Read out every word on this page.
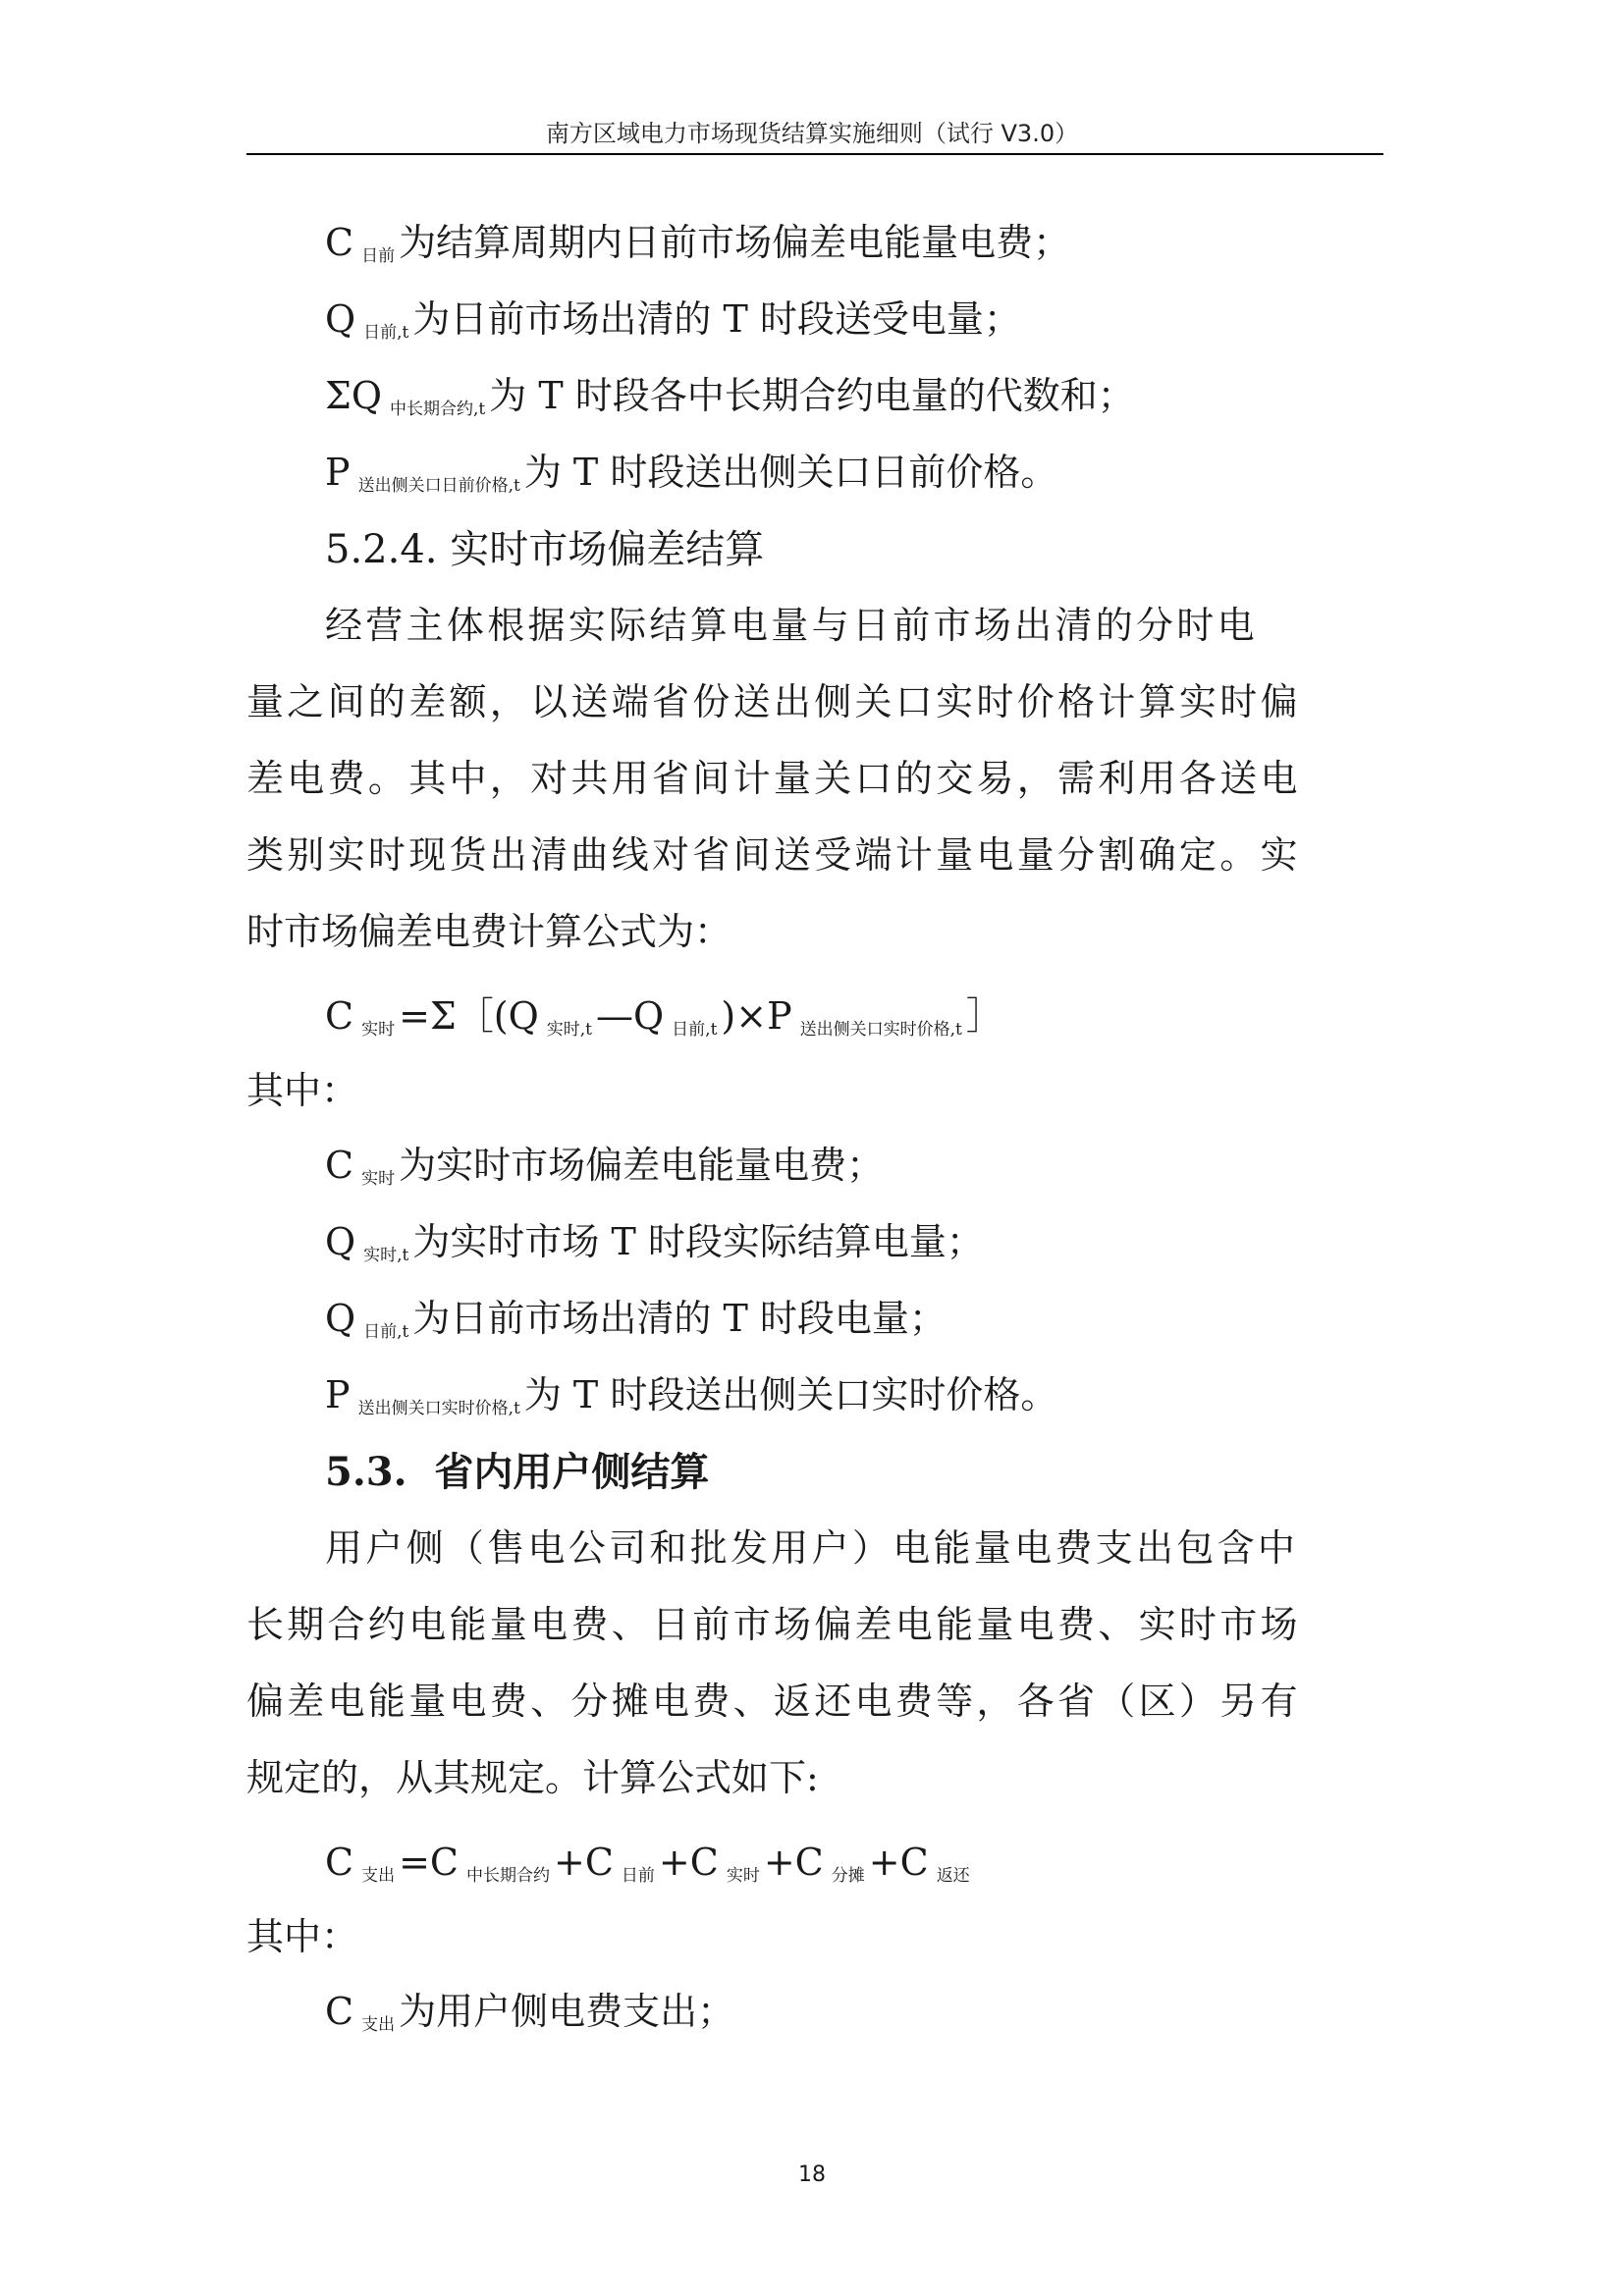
南方区域电力市场现货结算实施细则（试行 V3.0）
C日前 为结算周期内日前市场偏差电能量电费；
Q日前,t 为日前市场出清的 T 时段送受电量；
ΣQ 中长期合约,t 为 T 时段各中长期合约电量的代数和；
P送出侧关口日前价格,t 为 T 时段送出侧关口日前价格。
5.2.4. 实时市场偏差结算
经营主体根据实际结算电量与日前市场出清的分时电
量之间的差额，以送端省份送出侧关口实时价格计算实时偏
差电费。其中，对共用省间计量关口的交易，需利用各送电
类别实时现货出清曲线对省间送受端计量电量分割确定。实
时市场偏差电费计算公式为：
C实时 =Σ［(Q 实时,t —Q 日前,t )×P 送出侧关口实时价格,t ］
其中：
C实时 为实时市场偏差电能量电费；
Q实时,t 为实时市场 T 时段实际结算电量；
Q日前,t 为日前市场出清的 T 时段电量；
P送出侧关口实时价格,t 为 T 时段送出侧关口实时价格。
5.3. 省内用户侧结算
用户侧（售电公司和批发用户）电能量电费支出包含中
长期合约电能量电费、日前市场偏差电能量电费、实时市场
偏差电能量电费、分摊电费、返还电费等，各省（区）另有
规定的，从其规定。计算公式如下:
C支出 =C 中长期合约 +C 日前 +C 实时 +C 分摊 +C 返还
其中：
C支出 为用户侧电费支出；
18
